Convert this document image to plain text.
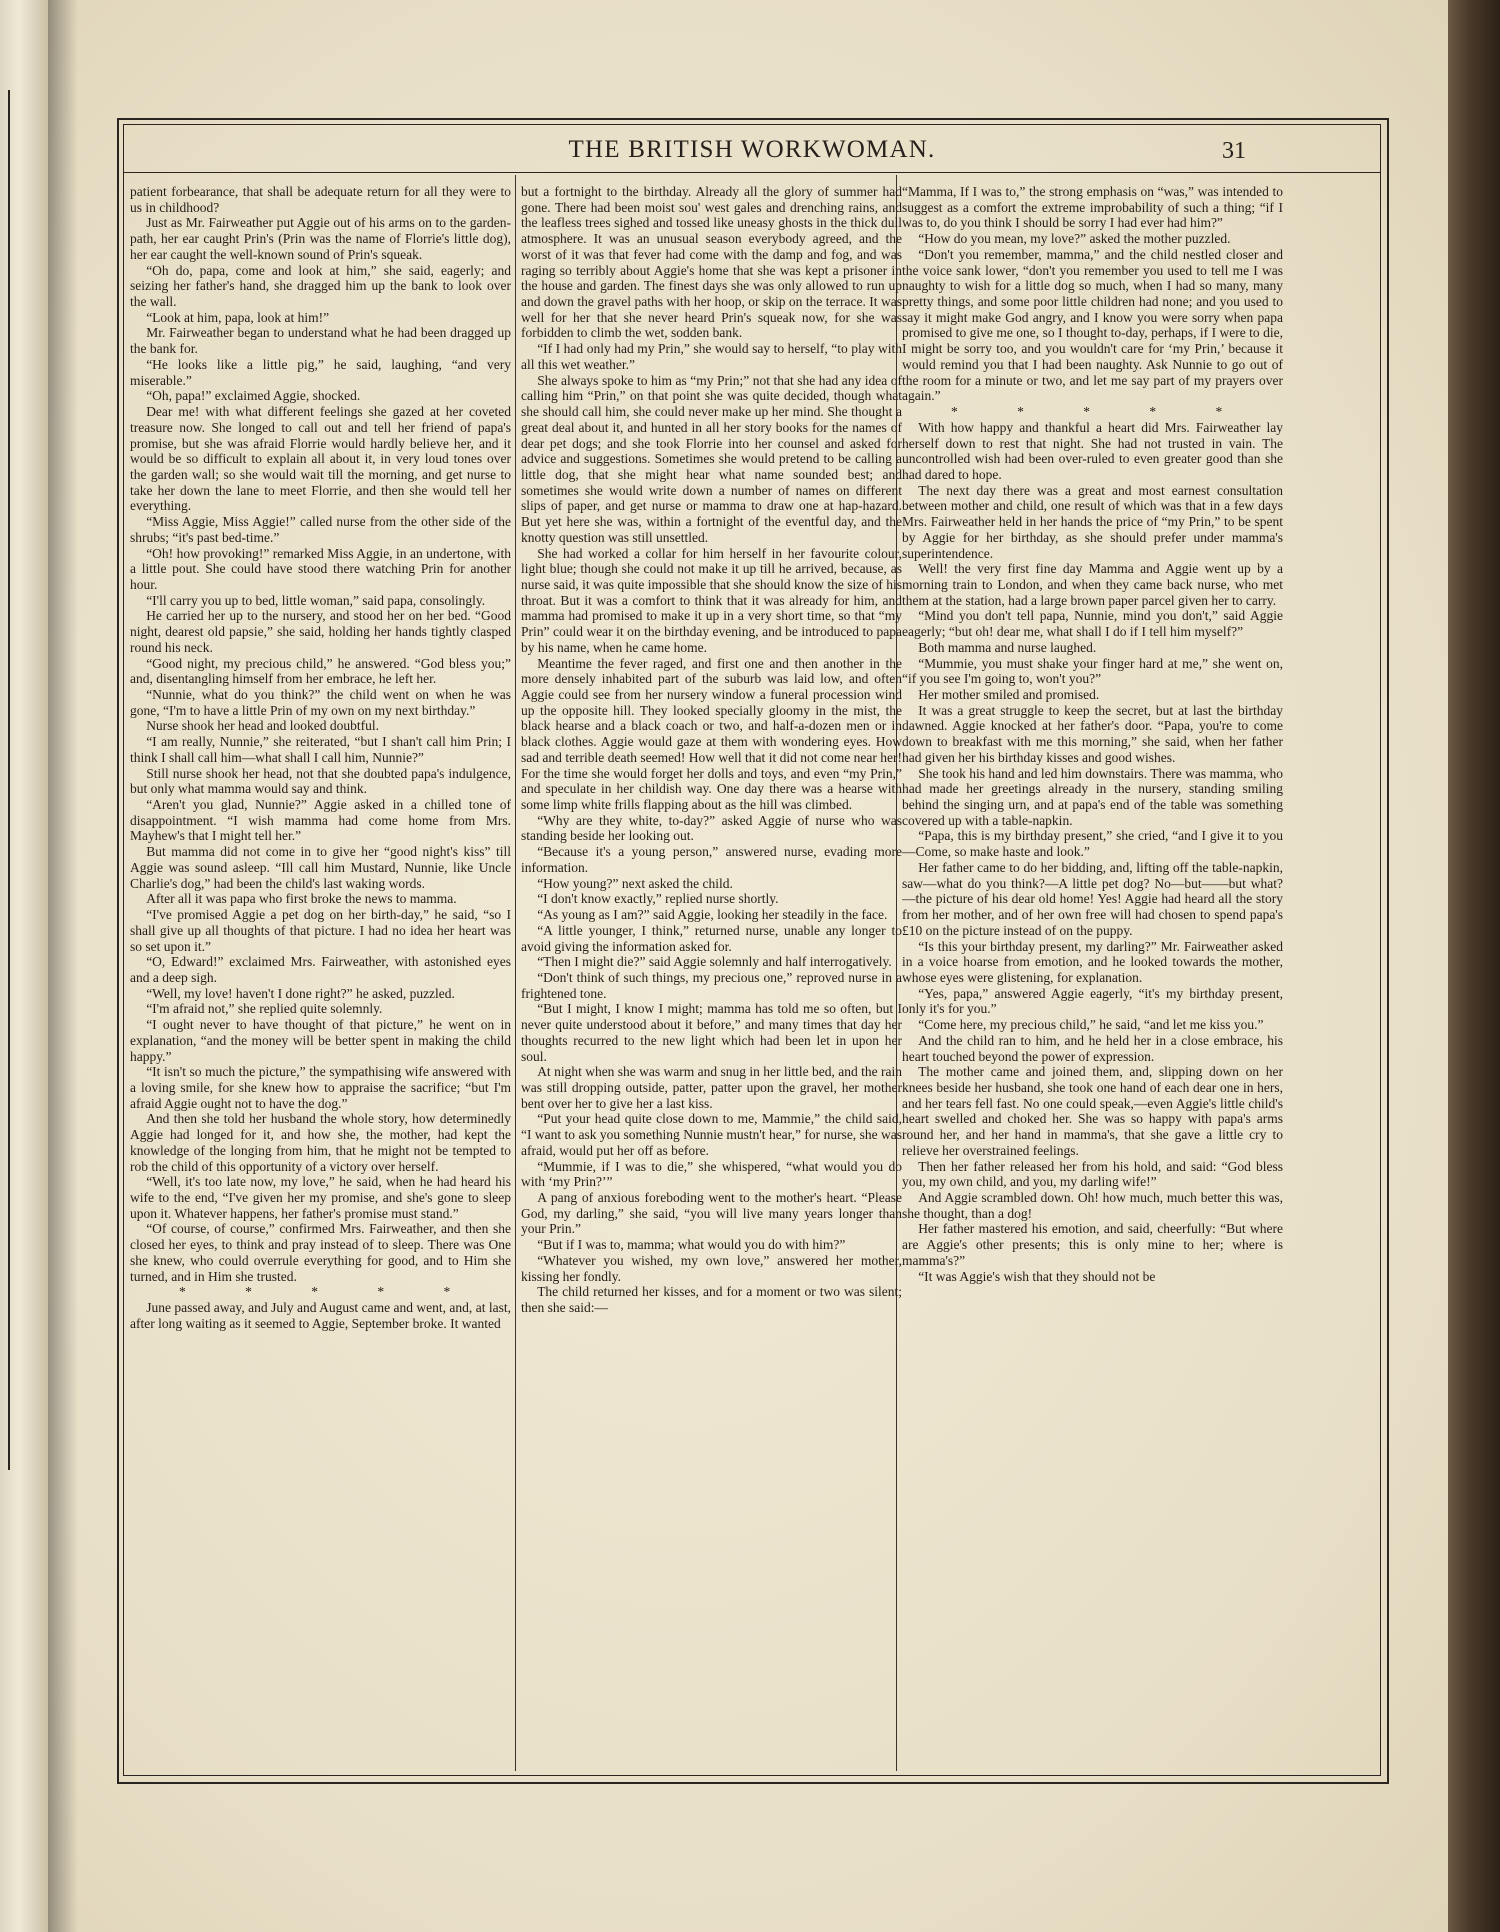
THE BRITISH WORKWOMAN.	31

patient forbearance, that shall be adequate return for all they were to us in childhood?

Just as Mr. Fairweather put Aggie out of his arms on to the garden-path, her ear caught Prin's (Prin was the name of Florrie's little dog), her ear caught the well-known sound of Prin's squeak.

“Oh do, papa, come and look at him,” she said, eagerly; and seizing her father's hand, she dragged him up the bank to look over the wall.

“Look at him, papa, look at him!”

Mr. Fairweather began to understand what he had been dragged up the bank for.

“He looks like a little pig,” he said, laughing, “and very miserable.”

“Oh, papa!” exclaimed Aggie, shocked.

Dear me! with what different feelings she gazed at her coveted treasure now. She longed to call out and tell her friend of papa's promise, but she was afraid Florrie would hardly believe her, and it would be so difficult to explain all about it, in very loud tones over the garden wall; so she would wait till the morning, and get nurse to take her down the lane to meet Florrie, and then she would tell her everything.

“Miss Aggie, Miss Aggie!” called nurse from the other side of the shrubs; “it's past bed-time.”

“Oh! how provoking!” remarked Miss Aggie, in an undertone, with a little pout. She could have stood there watching Prin for another hour.

“I'll carry you up to bed, little woman,” said papa, consolingly.

He carried her up to the nursery, and stood her on her bed. “Good night, dearest old papsie,” she said, holding her hands tightly clasped round his neck.

“Good night, my precious child,” he answered. “God bless you;” and, disentangling himself from her embrace, he left her.

“Nunnie, what do you think?” the child went on when he was gone, “I'm to have a little Prin of my own on my next birthday.”

Nurse shook her head and looked doubtful.

“I am really, Nunnie,” she reiterated, “but I shan't call him Prin; I think I shall call him—what shall I call him, Nunnie?”

Still nurse shook her head, not that she doubted papa's indulgence, but only what mamma would say and think.

“Aren't you glad, Nunnie?” Aggie asked in a chilled tone of disappointment. “I wish mamma had come home from Mrs. Mayhew's that I might tell her.”

But mamma did not come in to give her “good night's kiss” till Aggie was sound asleep. “Ill call him Mustard, Nunnie, like Uncle Charlie's dog,” had been the child's last waking words.

After all it was papa who first broke the news to mamma.

“I've promised Aggie a pet dog on her birth-day,” he said, “so I shall give up all thoughts of that picture. I had no idea her heart was so set upon it.”

“O, Edward!” exclaimed Mrs. Fairweather, with astonished eyes and a deep sigh.

“Well, my love! haven't I done right?” he asked, puzzled.

“I'm afraid not,” she replied quite solemnly.

“I ought never to have thought of that picture,” he went on in explanation, “and the money will be better spent in making the child happy.”

“It isn't so much the picture,” the sympathising wife answered with a loving smile, for she knew how to appraise the sacrifice; “but I'm afraid Aggie ought not to have the dog.”

And then she told her husband the whole story, how determinedly Aggie had longed for it, and how she, the mother, had kept the knowledge of the longing from him, that he might not be tempted to rob the child of this opportunity of a victory over herself.

“Well, it's too late now, my love,” he said, when he had heard his wife to the end, “I've given her my promise, and she's gone to sleep upon it. Whatever happens, her father's promise must stand.”

“Of course, of course,” confirmed Mrs. Fairweather, and then she closed her eyes, to think and pray instead of to sleep. There was One she knew, who could overrule everything for good, and to Him she turned, and in Him she trusted.

* * * * *

June passed away, and July and August came and went, and, at last, after long waiting as it seemed to Aggie, September broke. It wanted

but a fortnight to the birthday. Already all the glory of summer had gone. There had been moist sou' west gales and drenching rains, and the leafless trees sighed and tossed like uneasy ghosts in the thick dull atmosphere. It was an unusual season everybody agreed, and the worst of it was that fever had come with the damp and fog, and was raging so terribly about Aggie's home that she was kept a prisoner in the house and garden. The finest days she was only allowed to run up and down the gravel paths with her hoop, or skip on the terrace. It was well for her that she never heard Prin's squeak now, for she was forbidden to climb the wet, sodden bank.

“If I had only had my Prin,” she would say to herself, “to play with all this wet weather.”

She always spoke to him as “my Prin;” not that she had any idea of calling him “Prin,” on that point she was quite decided, though what she should call him, she could never make up her mind. She thought a great deal about it, and hunted in all her story books for the names of dear pet dogs; and she took Florrie into her counsel and asked for advice and suggestions. Sometimes she would pretend to be calling a little dog, that she might hear what name sounded best; and sometimes she would write down a number of names on different slips of paper, and get nurse or mamma to draw one at hap-hazard. But yet here she was, within a fortnight of the eventful day, and the knotty question was still unsettled.

She had worked a collar for him herself in her favourite colour, light blue; though she could not make it up till he arrived, because, as nurse said, it was quite impossible that she should know the size of his throat. But it was a comfort to think that it was already for him, and mamma had promised to make it up in a very short time, so that “my Prin” could wear it on the birthday evening, and be introduced to papa by his name, when he came home.

Meantime the fever raged, and first one and then another in the more densely inhabited part of the suburb was laid low, and often Aggie could see from her nursery window a funeral procession wind up the opposite hill. They looked specially gloomy in the mist, the black hearse and a black coach or two, and half-a-dozen men or in black clothes. Aggie would gaze at them with wondering eyes. How sad and terrible death seemed! How well that it did not come near her! For the time she would forget her dolls and toys, and even “my Prin,” and speculate in her childish way. One day there was a hearse with some limp white frills flapping about as the hill was climbed.

“Why are they white, to-day?” asked Aggie of nurse who was standing beside her looking out.

“Because it's a young person,” answered nurse, evading more information.

“How young?” next asked the child.

“I don't know exactly,” replied nurse shortly.

“As young as I am?” said Aggie, looking her steadily in the face.

“A little younger, I think,” returned nurse, unable any longer to avoid giving the information asked for.

“Then I might die?” said Aggie solemnly and half interrogatively.

“Don't think of such things, my precious one,” reproved nurse in a frightened tone.

“But I might, I know I might; mamma has told me so often, but I never quite understood about it before,” and many times that day her thoughts recurred to the new light which had been let in upon her soul.

At night when she was warm and snug in her little bed, and the rain was still dropping outside, patter, patter upon the gravel, her mother bent over her to give her a last kiss.

“Put your head quite close down to me, Mammie,” the child said, “I want to ask you something Nunnie mustn't hear,” for nurse, she was afraid, would put her off as before.

“Mummie, if I was to die,” she whispered, “what would you do with ‘my Prin?’”

A pang of anxious foreboding went to the mother's heart. “Please God, my darling,” she said, “you will live many years longer than your Prin.”

“But if I was to, mamma; what would you do with him?”

“Whatever you wished, my own love,” answered her mother, kissing her fondly.

The child returned her kisses, and for a moment or two was silent; then she said:—

“Mamma, If I was to,” the strong emphasis on “was,” was intended to suggest as a comfort the extreme improbability of such a thing; “if I was to, do you think I should be sorry I had ever had him?”

“How do you mean, my love?” asked the mother puzzled.

“Don't you remember, mamma,” and the child nestled closer and the voice sank lower, “don't you remember you used to tell me I was naughty to wish for a little dog so much, when I had so many, many pretty things, and some poor little children had none; and you used to say it might make God angry, and I know you were sorry when papa promised to give me one, so I thought to-day, perhaps, if I were to die, I might be sorry too, and you wouldn't care for ‘my Prin,’ because it would remind you that I had been naughty. Ask Nunnie to go out of the room for a minute or two, and let me say part of my prayers over again.”

* * * * *

With how happy and thankful a heart did Mrs. Fairweather lay herself down to rest that night. She had not trusted in vain. The uncontrolled wish had been over-ruled to even greater good than she had dared to hope.

The next day there was a great and most earnest consultation between mother and child, one result of which was that in a few days Mrs. Fairweather held in her hands the price of “my Prin,” to be spent by Aggie for her birthday, as she should prefer under mamma's superintendence.

Well! the very first fine day Mamma and Aggie went up by a morning train to London, and when they came back nurse, who met them at the station, had a large brown paper parcel given her to carry.

“Mind you don't tell papa, Nunnie, mind you don't,” said Aggie eagerly; “but oh! dear me, what shall I do if I tell him myself?”

Both mamma and nurse laughed.

“Mummie, you must shake your finger hard at me,” she went on, “if you see I'm going to, won't you?”

Her mother smiled and promised.

It was a great struggle to keep the secret, but at last the birthday dawned. Aggie knocked at her father's door. “Papa, you're to come down to breakfast with me this morning,” she said, when her father had given her his birthday kisses and good wishes.

She took his hand and led him downstairs. There was mamma, who had made her greetings already in the nursery, standing smiling behind the singing urn, and at papa's end of the table was something covered up with a table-napkin.

“Papa, this is my birthday present,” she cried, “and I give it to you—Come, so make haste and look.”

Her father came to do her bidding, and, lifting off the table-napkin, saw—what do you think?—A little pet dog? No—but——but what?—the picture of his dear old home! Yes! Aggie had heard all the story from her mother, and of her own free will had chosen to spend papa's £10 on the picture instead of on the puppy.

“Is this your birthday present, my darling?” Mr. Fairweather asked in a voice hoarse from emotion, and he looked towards the mother, whose eyes were glistening, for explanation.

“Yes, papa,” answered Aggie eagerly, “it's my birthday present, only it's for you.”

“Come here, my precious child,” he said, “and let me kiss you.”

And the child ran to him, and he held her in a close embrace, his heart touched beyond the power of expression.

The mother came and joined them, and, slipping down on her knees beside her husband, she took one hand of each dear one in hers, and her tears fell fast. No one could speak,—even Aggie's little child's heart swelled and choked her. She was so happy with papa's arms round her, and her hand in mamma's, that she gave a little cry to relieve her overstrained feelings.

Then her father released her from his hold, and said: “God bless you, my own child, and you, my darling wife!”

And Aggie scrambled down. Oh! how much, much better this was, she thought, than a dog!

Her father mastered his emotion, and said, cheerfully: “But where are Aggie's other presents; this is only mine to her; where is mamma's?”

“It was Aggie's wish that they should not be
